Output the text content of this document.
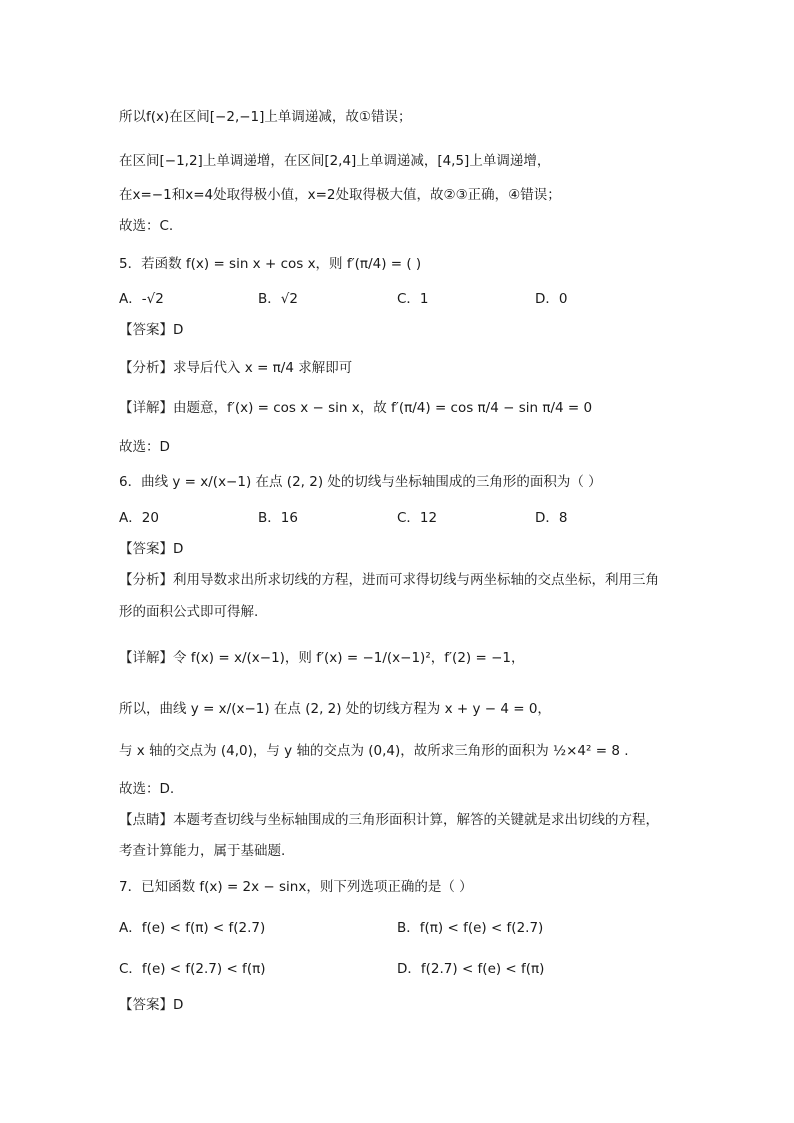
所以f(x)在区间[−2,−1]上单调递减，故①错误；
在区间[−1,2]上单调递增，在区间[2,4]上单调递减，[4,5]上单调递增，
在x=−1和x=4处取得极小值，x=2处取得极大值，故②③正确，④错误；
故选：C.
5．若函数 f(x) = sin x + cos x，则 f′(π/4) = ( )
A．-√2	B．√2	C．1	D．0
【答案】D
【分析】求导后代入 x = π/4 求解即可
【详解】由题意，f′(x) = cos x − sin x，故 f′(π/4) = cos π/4 − sin π/4 = 0
故选：D
6．曲线 y = x/(x−1) 在点 (2, 2) 处的切线与坐标轴围成的三角形的面积为（ ）
A．20	B．16	C．12	D．8
【答案】D
【分析】利用导数求出所求切线的方程，进而可求得切线与两坐标轴的交点坐标，利用三角
形的面积公式即可得解.
【详解】令 f(x) = x/(x−1)，则 f′(x) = −1/(x−1)²，f′(2) = −1，
所以，曲线 y = x/(x−1) 在点 (2, 2) 处的切线方程为 x + y − 4 = 0，
与 x 轴的交点为 (4,0)，与 y 轴的交点为 (0,4)，故所求三角形的面积为 ½×4² = 8 .
故选：D.
【点睛】本题考查切线与坐标轴围成的三角形面积计算，解答的关键就是求出切线的方程，
考查计算能力，属于基础题.
7．已知函数 f(x) = 2x − sinx，则下列选项正确的是（ ）
A．f(e) < f(π) < f(2.7)	B．f(π) < f(e) < f(2.7)
C．f(e) < f(2.7) < f(π)	D．f(2.7) < f(e) < f(π)
【答案】D
